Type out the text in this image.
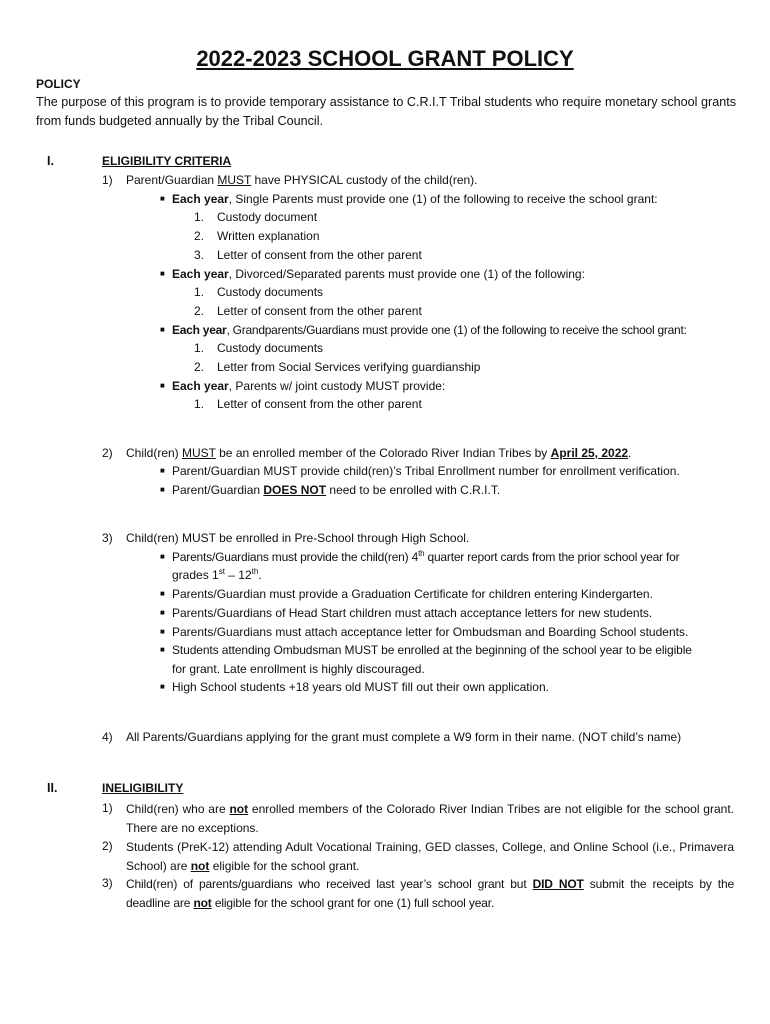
2022-2023 SCHOOL GRANT POLICY
POLICY
The purpose of this program is to provide temporary assistance to C.R.I.T Tribal students who require monetary school grants from funds budgeted annually by the Tribal Council.
I.	ELIGIBILITY CRITERIA
1) Parent/Guardian MUST have PHYSICAL custody of the child(ren).
■ Each year, Single Parents must provide one (1) of the following to receive the school grant:
1. Custody document
2. Written explanation
3. Letter of consent from the other parent
■ Each year, Divorced/Separated parents must provide one (1) of the following:
1. Custody documents
2. Letter of consent from the other parent
■ Each year, Grandparents/Guardians must provide one (1) of the following to receive the school grant:
1. Custody documents
2. Letter from Social Services verifying guardianship
■ Each year, Parents w/ joint custody MUST provide:
1. Letter of consent from the other parent
2) Child(ren) MUST be an enrolled member of the Colorado River Indian Tribes by April 25, 2022.
■ Parent/Guardian MUST provide child(ren)’s Tribal Enrollment number for enrollment verification.
■ Parent/Guardian DOES NOT need to be enrolled with C.R.I.T.
3) Child(ren) MUST be enrolled in Pre-School through High School.
■ Parents/Guardians must provide the child(ren) 4th quarter report cards from the prior school year for
grades 1st – 12th.
■ Parents/Guardian must provide a Graduation Certificate for children entering Kindergarten.
■ Parents/Guardians of Head Start children must attach acceptance letters for new students.
■ Parents/Guardians must attach acceptance letter for Ombudsman and Boarding School students.
■ Students attending Ombudsman MUST be enrolled at the beginning of the school year to be eligible
for grant. Late enrollment is highly discouraged.
■ High School students +18 years old MUST fill out their own application.
4) All Parents/Guardians applying for the grant must complete a W9 form in their name. (NOT child’s name)
II.	INELIGIBILITY
1) Child(ren) who are not enrolled members of the Colorado River Indian Tribes are not eligible for the school grant. There are no exceptions.
2) Students (PreK-12) attending Adult Vocational Training, GED classes, College, and Online School (i.e., Primavera School) are not eligible for the school grant.
3) Child(ren) of parents/guardians who received last year’s school grant but DID NOT submit the receipts by the deadline are not eligible for the school grant for one (1) full school year.
